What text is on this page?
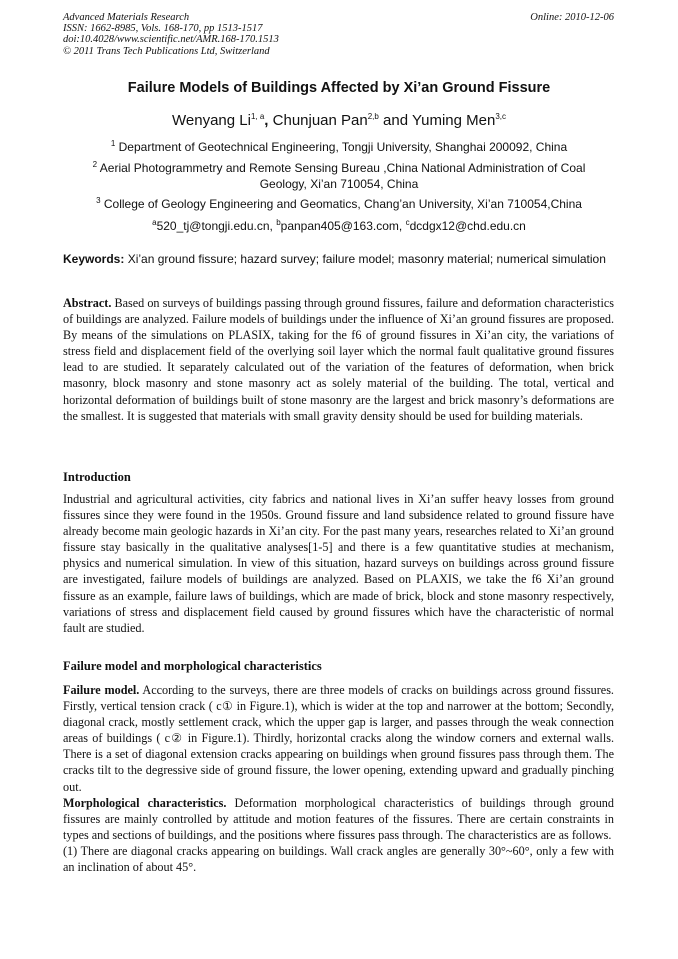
Advanced Materials Research
ISSN: 1662-8985, Vols. 168-170, pp 1513-1517
doi:10.4028/www.scientific.net/AMR.168-170.1513
© 2011 Trans Tech Publications Ltd, Switzerland
Online: 2010-12-06
Failure Models of Buildings Affected by Xi’an Ground Fissure
Wenyang Li$^{1, a}$, Chunjuan Pan$^{2,b}$ and Yuming Men$^{3,c}$
$^1$ Department of Geotechnical Engineering, Tongji University, Shanghai 200092, China
$^2$ Aerial Photogrammetry and Remote Sensing Bureau ,China National Administration of Coal
Geology, Xi’an 710054, China
$^3$ College of Geology Engineering and Geomatics, Chang’an University, Xi’an 710054,China
$^a$520_tj@tongji.edu.cn, $^b$panpan405@163.com, $^c$dcdgx12@chd.edu.cn
Keywords: Xi’an ground fissure; hazard survey; failure model; masonry material; numerical simulation
Abstract. Based on surveys of buildings passing through ground fissures, failure and deformation characteristics of buildings are analyzed. Failure models of buildings under the influence of Xi’an ground fissures are proposed. By means of the simulations on PLASIX, taking for the f6 of ground fissures in Xi’an city, the variations of stress field and displacement field of the overlying soil layer which the normal fault qualitative ground fissures lead to are studied. It separately calculated out of the variation of the features of deformation, when brick masonry, block masonry and stone masonry act as solely material of the building. The total, vertical and horizontal deformation of buildings built of stone masonry are the largest and brick masonry’s deformations are the smallest. It is suggested that materials with small gravity density should be used for building materials.
Introduction
Industrial and agricultural activities, city fabrics and national lives in Xi’an suffer heavy losses from ground fissures since they were found in the 1950s. Ground fissure and land subsidence related to ground fissure have already become main geologic hazards in Xi’an city. For the past many years, researches related to Xi’an ground fissure stay basically in the qualitative analyses[1-5] and there is a few quantitative studies at mechanism, physics and numerical simulation. In view of this situation, hazard surveys on buildings across ground fissure are investigated, failure models of buildings are analyzed. Based on PLAXIS, we take the f6 Xi’an ground fissure as an example, failure laws of buildings, which are made of brick, block and stone masonry respectively, variations of stress and displacement field caused by ground fissures which have the characteristic of normal fault are studied.
Failure model and morphological characteristics
Failure model. According to the surveys, there are three models of cracks on buildings across ground fissures. Firstly, vertical tension crack ( c① in Figure.1), which is wider at the top and narrower at the bottom; Secondly, diagonal crack, mostly settlement crack, which the upper gap is larger, and passes through the weak connection areas of buildings ( c② in Figure.1). Thirdly, horizontal cracks along the window corners and external walls. There is a set of diagonal extension cracks appearing on buildings when ground fissures pass through them. The cracks tilt to the degressive side of ground fissure, the lower opening, extending upward and gradually pinching out.
Morphological characteristics. Deformation morphological characteristics of buildings through ground fissures are mainly controlled by attitude and motion features of the fissures. There are certain constraints in types and sections of buildings, and the positions where fissures pass through. The characteristics are as follows.
(1) There are diagonal cracks appearing on buildings. Wall crack angles are generally 30°~60°, only a few with an inclination of about 45°.
